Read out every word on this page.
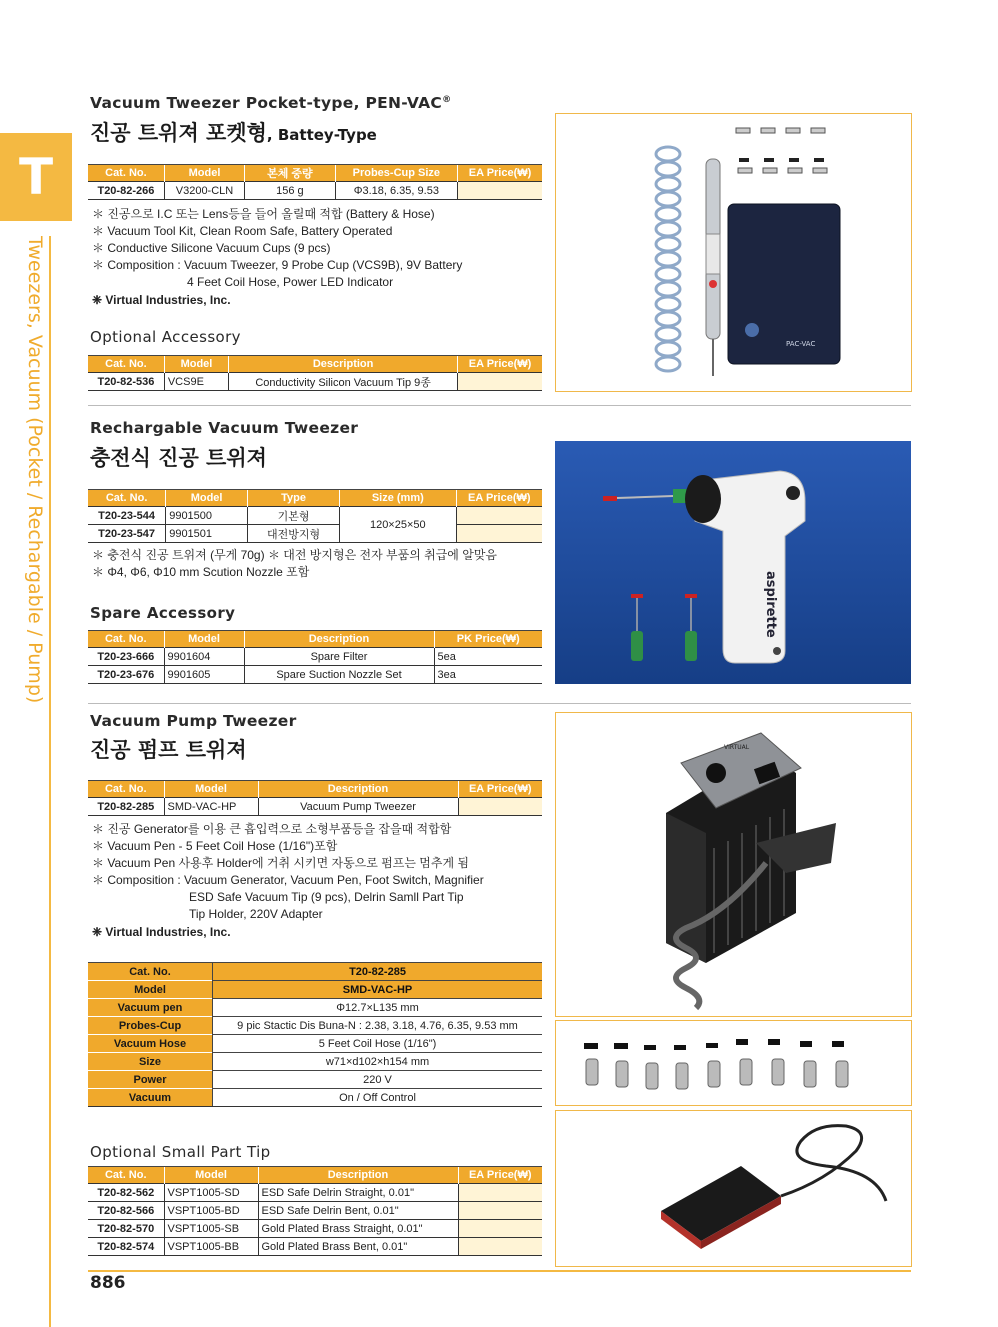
T
Tweezers, Vacuum (Pocket / Rechargable / Pump)
Vacuum Tweezer Pocket-type, PEN-VAC®
진공 트위져 포켓형, Battey-Type
Cat. No.	Model	본체 중량	Probes-Cup Size	EA Price(₩)
T20-82-266	V3200-CLN	156 g	Φ3.18, 6.35, 9.53	
＊ 진공으로 I.C 또는 Lens등을 들어 올릴때 적합 (Battery & Hose)
＊ Vacuum Tool Kit, Clean Room Safe, Battery Operated
＊ Conductive Silicone Vacuum Cups (9 pcs)
＊ Composition : Vacuum Tweezer, 9 Probe Cup (VCS9B), 9V Battery
4 Feet Coil Hose, Power LED Indicator
❈ Virtual Industries, Inc.
Optional Accessory
Cat. No.	Model	Description	EA Price(₩)
T20-82-536	VCS9E	Conductivity Silicon Vacuum Tip 9종	
PAC-VAC
Rechargable Vacuum Tweezer
충전식 진공 트위져
Cat. No.	Model	Type	Size (mm)	EA Price(₩)
T20-23-544	9901500	기본형	120×25×50	
T20-23-547	9901501	대전방지형		
＊ 충전식 진공 트위져 (무게 70g) ＊ 대전 방지형은 전자 부품의 취급에 알맞음
＊ Φ4, Φ6, Φ10 mm Scution Nozzle 포함
Spare Accessory
Cat. No.	Model	Description	PK Price(₩)
T20-23-666	9901604	Spare Filter	5ea
T20-23-676	9901605	Spare Suction Nozzle Set	3ea
aspirette
Vacuum Pump Tweezer
진공 펌프 트위져
Cat. No.	Model	Description	EA Price(₩)
T20-82-285	SMD-VAC-HP	Vacuum Pump Tweezer	
＊ 진공 Generator를 이용 큰 흡입력으로 소형부품등을 잡을때 적합함
＊ Vacuum Pen - 5 Feet Coil Hose (1/16")포함
＊ Vacuum Pen 사용후 Holder에 거취 시키면 자동으로 펌프는 멈추게 됨
＊ Composition : Vacuum Generator, Vacuum Pen, Foot Switch, Magnifier
ESD Safe Vacuum Tip (9 pcs), Delrin Samll Part Tip
Tip Holder, 220V Adapter
❈ Virtual Industries, Inc.
Cat. No.	T20-82-285
Model	SMD-VAC-HP
Vacuum pen	Φ12.7×L135 mm
Probes-Cup	9 pic Stactic Dis Buna-N : 2.38, 3.18, 4.76, 6.35, 9.53 mm
Vacuum Hose	5 Feet Coil Hose (1/16")
Size	w71×d102×h154 mm
Power	220 V
Vacuum	On / Off Control
Optional Small Part Tip
Cat. No.	Model	Description	EA Price(₩)
T20-82-562	VSPT1005-SD	ESD Safe Delrin Straight, 0.01"	
T20-82-566	VSPT1005-BD	ESD Safe Delrin Bent, 0.01"	
T20-82-570	VSPT1005-SB	Gold Plated Brass Straight, 0.01"	
T20-82-574	VSPT1005-BB	Gold Plated Brass Bent, 0.01"	
VIRTUAL
886
